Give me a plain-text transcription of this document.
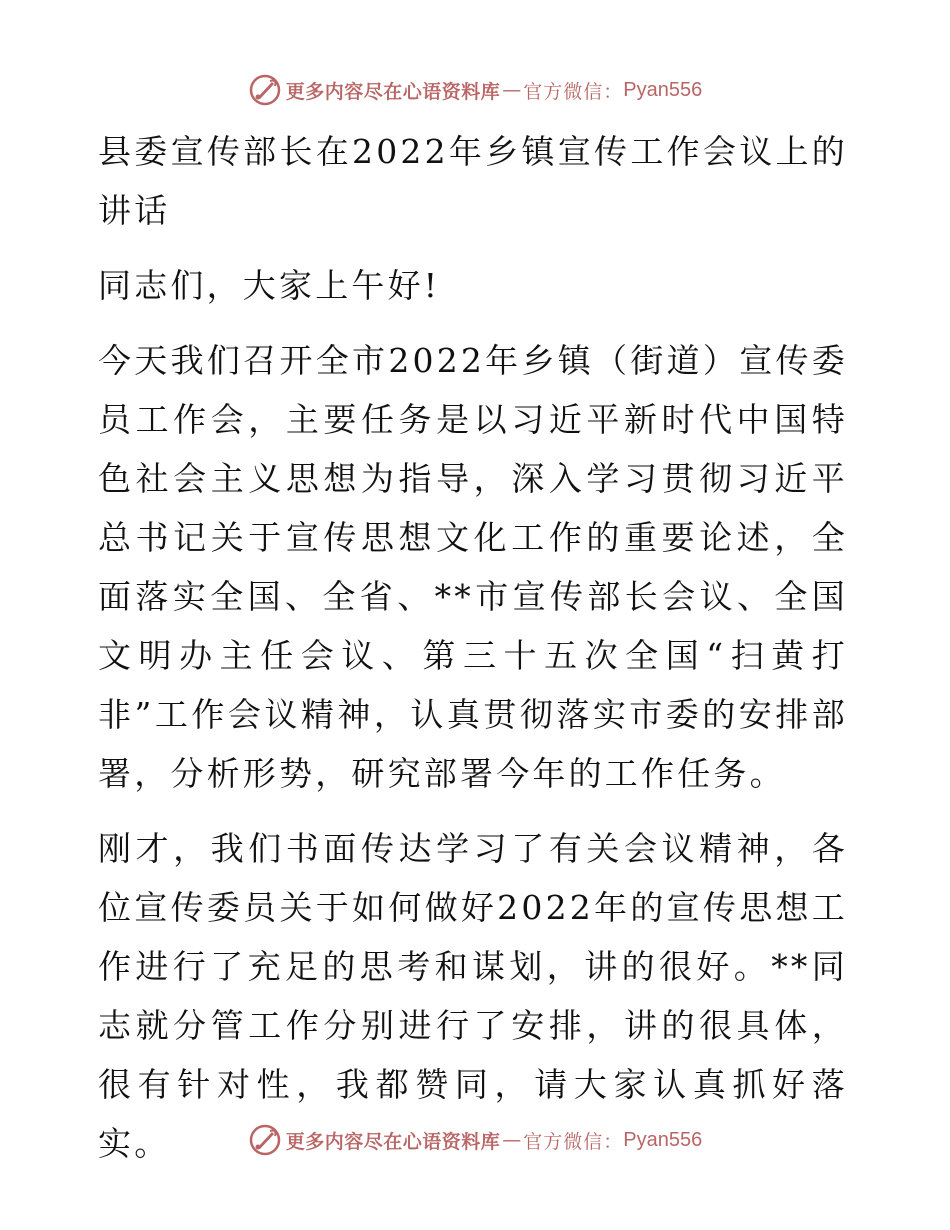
更多内容尽在心语资料库 — 官方微信： Pyan556

县委宣传部长在2022年乡镇宣传工作会议上的讲话

同志们，大家上午好!

今天我们召开全市2022年乡镇（街道）宣传委员工作会，主要任务是以习近平新时代中国特色社会主义思想为指导，深入学习贯彻习近平总书记关于宣传思想文化工作的重要论述，全面落实全国、全省、**市宣传部长会议、全国文明办主任会议、第三十五次全国“扫黄打非”工作会议精神，认真贯彻落实市委的安排部署，分析形势，研究部署今年的工作任务。

刚才，我们书面传达学习了有关会议精神，各位宣传委员关于如何做好2022年的宣传思想工作进行了充足的思考和谋划，讲的很好。**同志就分管工作分别进行了安排，讲的很具体，很有针对性，我都赞同，请大家认真抓好落实。	更多内容尽在心语资料库 — 官方微信： Pyan556
